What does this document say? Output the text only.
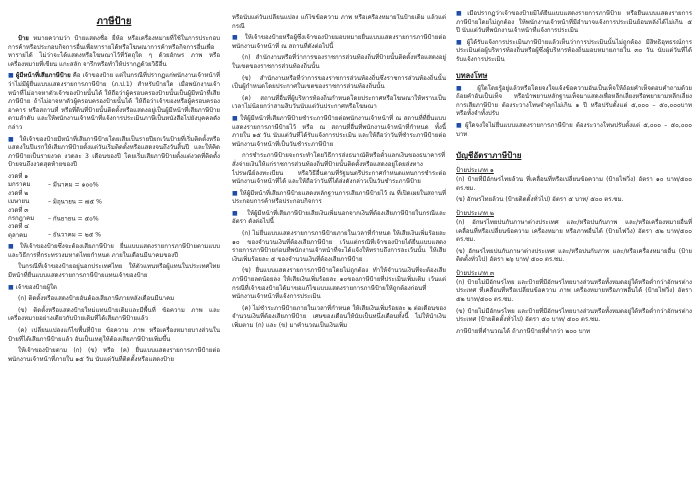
ภาษีป้าย

ป้าย หมายความว่า ป้ายแสดงชื่อ ยี่ห้อ หรือเครื่องหมายที่ใช้ในการประกอบการค้าหรือประกอบกิจการอื่นเพื่อหารายได้หรือโฆษณาการค้าหรือกิจการอื่นเพื่อหารายได้ ไม่ว่าจะได้แสดงหรือโฆษณาไว้ที่วัตถุใด ๆ ด้วยอักษร ภาพ หรือเครื่องหมายที่เขียน แกะสลัก จารึกหรือทำให้ปรากฏด้วยวิธีอื่น

■ ผู้มีหน้าที่เสียภาษีป้าย คือ เจ้าของป้าย แต่ในกรณีที่ปรากฏแก่พนักงานเจ้าหน้าที่ว่าไม่มีผู้ยื่นแบบแสดงรายการภาษีป้าย (ภ.ป.1) สำหรับป้ายใด เมื่อพนักงานเจ้าหน้าที่ไม่อาจหาตัวเจ้าของป้ายนั้นได้ ให้ถือว่าผู้ครอบครองป้ายนั้นเป็นผู้มีหน้าที่เสียภาษีป้าย ถ้าไม่อาจหาตัวผู้ครอบครองป้ายนั้นได้ ให้ถือว่าเจ้าของหรือผู้ครอบครองอาคาร หรือสถานที่ หรือที่ดินที่ป้ายนั้นติดตั้งหรือแสดงอยู่เป็นผู้มีหน้าที่เสียภาษีป้ายตามลำดับ และให้พนักงานเจ้าหน้าที่แจ้งการประเมินภาษีเป็นหนังสือไปยังบุคคลดังกล่าว

■ ให้เจ้าของป้ายมีหน้าที่เสียภาษีป้ายโดยเสียเป็นรายปียกเว้นป้ายที่เริ่มติดตั้งหรือแสดงในปีแรกให้เสียภาษีป้ายตั้งแต่วันเริ่มติดตั้งหรือแสดงจนถึงวันสิ้นปี และให้คิดภาษีป้ายเป็นรายงวด งวดละ 3 เดือนของปี โดยเริ่มเสียภาษีป้ายตั้งแต่งวดที่ติดตั้งป้ายจนถึงงวดสุดท้ายของปี

งวดที่ ๑ มกราคม	– มีนาคม = ๑๐๐%
งวดที่ ๒ เมษายน	– มิถุนายน = ๗๕ %
งวดที่ ๓ กรกฎาคม – กันยายน = ๕๐%
งวดที่ ๔ ตุลาคม	– ธันวาคม = ๒๕ %

■ ให้เจ้าของป้ายซึ่งจะต้องเสียภาษีป้าย ยื่นแบบแสดงรายการภาษีป้ายตามแบบและวิธีการที่กระทรวงมหาดไทยกำหนด ภายในเดือนมีนาคมของปี

ในกรณีที่เจ้าของป้ายอยู่นอกประเทศไทย ให้ตัวแทนหรือผู้แทนในประเทศไทยมีหน้าที่ยื่นแบบแสดงรายการภาษีป้ายแทนเจ้าของป้าย

■ เจ้าของป้ายผู้ใด

(ก) ติดตั้งหรือแสดงป้ายอันต้องเสียภาษีภายหลังเดือนมีนาคม

(ข) ติดตั้งหรือแสดงป้ายใหม่แทนป้ายเดิมและมีพื้นที่ ข้อความ ภาพ และเครื่องหมายอย่างเดียวกับป้ายเดิมที่ได้เสียภาษีป้ายแล้ว

(ค) เปลี่ยนแปลงแก้ไขพื้นที่ป้าย ข้อความ ภาพ หรือเครื่องหมายบางส่วนในป้ายที่ได้เสียภาษีป้ายแล้ว อันเป็นเหตุให้ต้องเสียภาษีป้ายเพิ่มขึ้น

ให้เจ้าของป้ายตาม (ก) (ข) หรือ (ค) ยื่นแบบแสดงรายการภาษีป้ายต่อพนักงานเจ้าหน้าที่ภายใน ๑๕ วัน นับแต่วันที่ติดตั้งหรือแสดงป้าย

หรือนับแต่วันเปลี่ยนแปลง แก้ไขข้อความ ภาพ หรือเครื่องหมายในป้ายเดิม แล้วแต่กรณี

■ ให้เจ้าของป้ายหรือผู้ซึ่งเจ้าของป้ายมอบหมายยื่นแบบแสดงรายการภาษีป้ายต่อพนักงานเจ้าหน้าที่ ณ สถานที่ดังต่อไปนี้

(ก) สำนักงานหรือที่ว่าการของราชการส่วนท้องถิ่นที่ป้ายนั้นติดตั้งหรือแสดงอยู่ในเขตของราชการส่วนท้องถิ่นนั้น

(ข) สำนักงานหรือที่ว่าการของราชการส่วนท้องถิ่นซึ่งราชการส่วนท้องถิ่นนั้นเป็นผู้กำหนดโดยประกาศในเขตของราชการส่วนท้องถิ่นนั้น

(ค) สถานที่อื่นที่ผู้บริหารท้องถิ่นกำหนดโดยประกาศหรือโฆษณาให้ทราบเป็นเวลาไม่น้อยกว่าสามสิบวันนับแต่วันประกาศหรือโฆษณา

■ ให้ผู้มีหน้าที่เสียภาษีป้ายชำระภาษีป้ายต่อพนักงานเจ้าหน้าที่ ณ สถานที่ที่ยื่นแบบแสดงรายการภาษีป้ายไว้ หรือ ณ สถานที่อื่นที่พนักงานเจ้าหน้าที่กำหนด ทั้งนี้ ภายใน ๑๕ วัน นับแต่วันที่ได้รับแจ้งการประเมิน และให้ถือว่าวันที่ชำระภาษีป้ายต่อพนักงานเจ้าหน้าที่เป็นวันชำระภาษีป้าย

การชำระภาษีป้ายจะกระทำโดยวิธีการส่งธนาณัติหรือตั๋วแลกเงินของธนาคารที่สั่งจ่ายเงินให้แก่ราชการส่วนท้องถิ่นที่ป้ายนั้นติดตั้งหรือแสดงอยู่โดยส่งทางไปรษณีย์ลงทะเบียน หรือวิธีอื่นตามที่รัฐมนตรีประกาศกำหนดแทนการชำระต่อพนักงานเจ้าหน้าที่ได้ และให้ถือว่าวันที่ได้ส่งดังกล่าวเป็นวันชำระภาษีป้าย

■ ให้ผู้มีหน้าที่เสียภาษีป้ายแสดงหลักฐานการเสียภาษีป้ายไว้ ณ ที่เปิดเผยในสถานที่ประกอบการค้าหรือประกอบกิจการ

■ ให้ผู้มีหน้าที่เสียภาษีป้ายเสียเงินเพิ่มนอกจากเงินที่ต้องเสียภาษีป้ายในกรณีและอัตรา ดังต่อไปนี้

(ก) ไม่ยื่นแบบแสดงรายการภาษีป้ายภายในเวลาที่กำหนด ให้เสียเงินเพิ่มร้อยละ ๑๐ ของจำนวนเงินที่ต้องเสียภาษีป้าย เว้นแต่กรณีที่เจ้าของป้ายได้ยื่นแบบแสดงรายการภาษีป้ายก่อนที่พนักงานเจ้าหน้าที่จะได้แจ้งให้ทราบถึงการละเว้นนั้น ให้เสียเงินเพิ่มร้อยละ ๕ ของจำนวนเงินที่ต้องเสียภาษีป้าย

(ข) ยื่นแบบแสดงรายการภาษีป้ายโดยไม่ถูกต้อง ทำให้จำนวนเงินที่จะต้องเสียภาษีป้ายลดน้อยลง ให้เสียเงินเพิ่มร้อยละ ๑๐ของภาษีป้ายที่ประเมินเพิ่มเติม เว้นแต่กรณีที่เจ้าของป้ายได้มาขอแก้ไขแบบแสดงรายการภาษีป้ายให้ถูกต้องก่อนที่พนักงานเจ้าหน้าที่แจ้งการประเมิน

(ค) ไม่ชำระภาษีป้ายภายในเวลาที่กำหนด ให้เสียเงินเพิ่มร้อยละ ๒ ต่อเดือนของจำนวนเงินที่ต้องเสียภาษีป้าย เศษของเดือนให้นับเป็นหนึ่งเดือนทั้งนี้ ไม่ให้นำเงินเพิ่มตาม (ก) และ (ข) มาคำนวณเป็นเงินเพิ่ม

■ เมื่อปรากฏว่าเจ้าของป้ายมิได้ยื่นแบบแสดงรายการภาษีป้าย หรือยื่นแบบแสดงรายการภาษีป้ายโดยไม่ถูกต้อง ให้พนักงานเจ้าหน้าที่มีอำนาจแจ้งการประเมินย้อนหลังได้ไม่เกิน ๕ ปี นับแต่วันที่พนักงานเจ้าหน้าที่แจ้งการประเมิน

■ ผู้ได้รับแจ้งการประเมินภาษีป้ายแล้วเห็นว่าการประเมินนั้นไม่ถูกต้อง มีสิทธิอุทธรณ์การประเมินต่อผู้บริหารท้องถิ่นหรือผู้ซึ่งผู้บริหารท้องถิ่นมอบหมายภายใน ๓๐ วัน นับแต่วันที่ได้รับแจ้งการประเมิน

บทลงโทษ

■ ผู้ใดโดยรู้อยู่แล้วหรือโดยจงใจแจ้งข้อความอันเป็นเท็จให้ถ้อยคำเท็จตอบคำถามด้วยถ้อยคำอันเป็นเท็จ หรือนำพยานหลักฐานเท็จมาแสดงเพื่อหลีกเลี่ยงหรือพยายามหลีกเลี่ยงการเสียภาษีป้าย ต้องระวางโทษจำคุกไม่เกิน ๑ ปี หรือปรับตั้งแต่ ๕,๐๐๐ – ๕๐,๐๐๐บาท หรือทั้งจำทั้งปรับ

■ ผู้ใดจงใจไม่ยื่นแบบแสดงรายการภาษีป้าย ต้องระวางโทษปรับตั้งแต่ ๕,๐๐๐ – ๕๐,๐๐๐ บาท

บัญชีอัตราภาษีป้าย
ป้ายประเภท ๑

(ก) ป้ายที่มีอักษรไทยล้วน ที่เคลื่อนที่หรือเปลี่ยนข้อความ (ป้ายไฟวิ่ง) อัตรา ๑๐ บาท/๕๐๐ ตร.ซม.

(ข) อักษรไทยล้วน (ป้ายติดตั้งทั่วไป) อัตรา ๕ บาท/ ๕๐๐ ตร.ซม.

ป้ายประเภท ๒

(ก) อักษรไทยปนกับภาษาต่างประเทศ และ/หรือปนกับภาพ และ/หรือเครื่องหมายอื่นที่เคลื่อนที่หรือเปลี่ยนข้อความ เครื่องหมาย หรือภาพอื่นได้ (ป้ายไฟวิ่ง) อัตรา ๕๒ บาท/๕๐๐ ตร.ซม.

(ข) อักษรไทยปนกับภาษาต่างประเทศ และ/หรือปนกับภาพ และ/หรือเครื่องหมายอื่น (ป้ายติดตั้งทั่วไป) อัตรา ๒๖ บาท/ ๕๐๐ ตร.ซม.

ป้ายประเภท ๓

(ก) ป้ายไม่มีอักษรไทย และป้ายที่มีอักษรไทยบางส่วนหรือทั้งหมดอยู่ใต้หรือต่ำกว่าอักษรต่างประเทศ ที่เคลื่อนที่หรือเปลี่ยนข้อความ ภาพ เครื่องหมายหรือภาพอื่นได้ (ป้ายไฟวิ่ง) อัตรา ๕๒ บาท/๕๐๐ ตร.ซม.

(ข) ป้ายไม่มีอักษรไทย และป้ายที่มีอักษรไทยบางส่วนหรือทั้งหมดอยู่ใต้หรือต่ำกว่าอักษรต่างประเทศ (ป้ายติดตั้งทั่วไป) อัตรา ๕๐ บาท/ ๕๐๐ ตร.ซม.

ภาษีป้ายที่คำนวณได้ ถ้าภาษีป้ายที่ต่ำกว่า ๒๐๐ บาท
